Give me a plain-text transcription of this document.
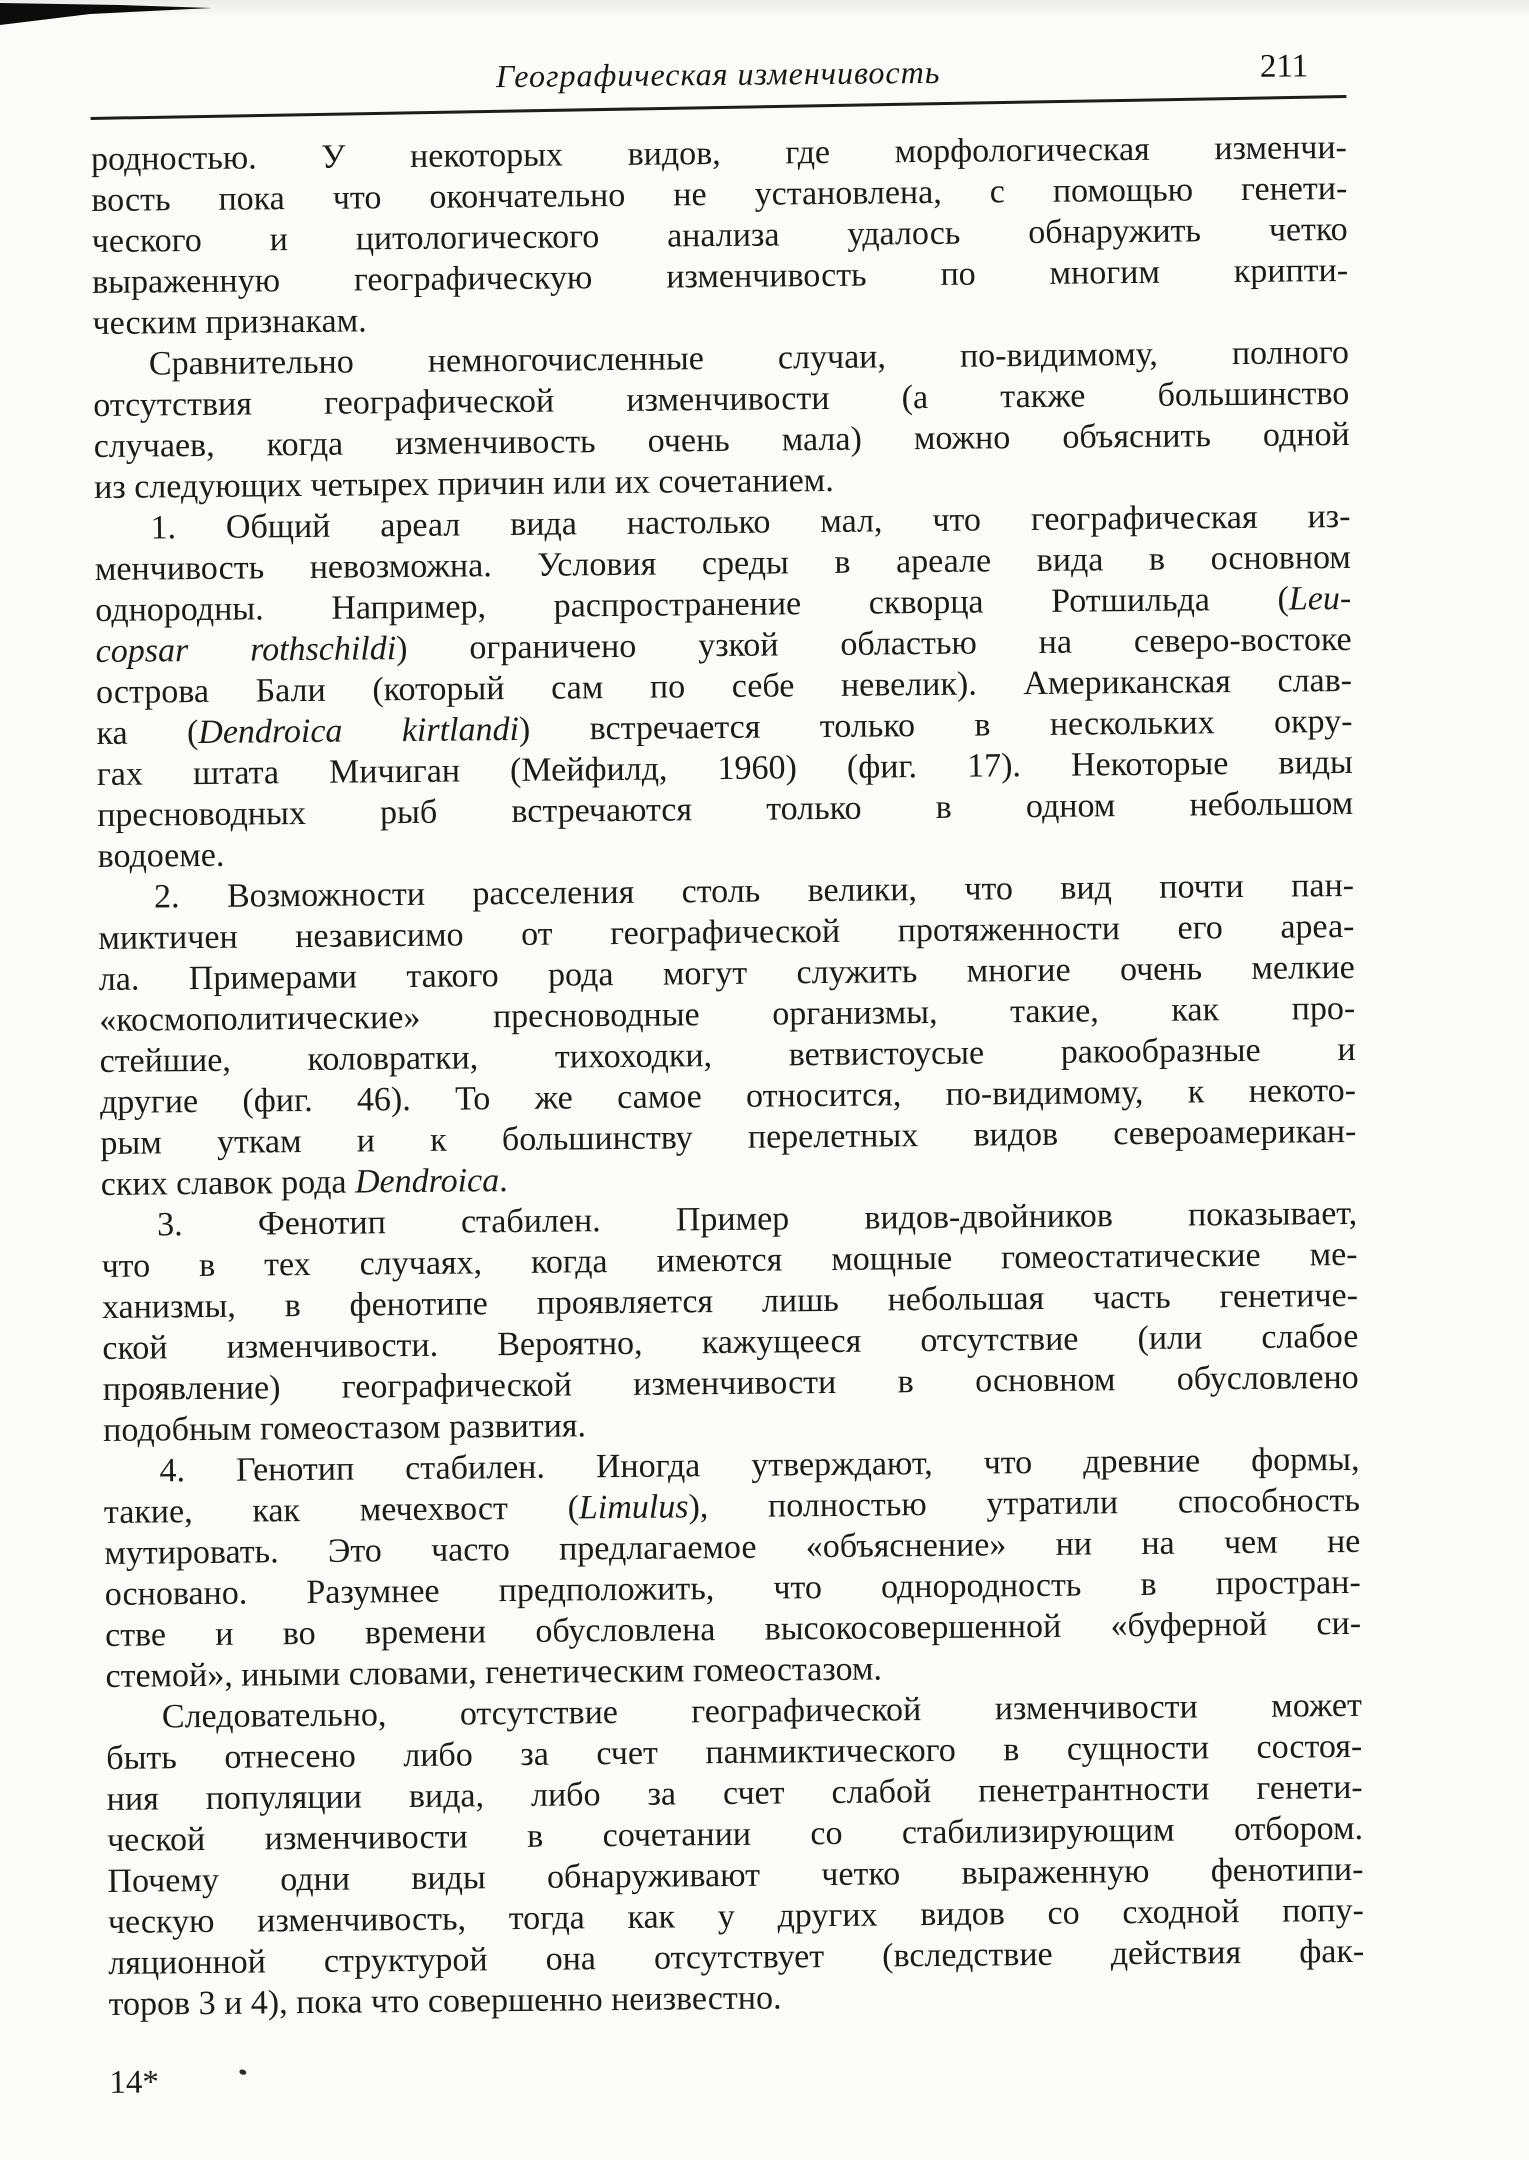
Географическая изменчивость	211
родностью. У некоторых видов, где морфологическая изменчи-
вость пока что окончательно не установлена, с помощью генети-
ческого и цитологического анализа удалось обнаружить четко
выраженную географическую изменчивость по многим крипти-
ческим признакам.
Сравнительно немногочисленные случаи, по-видимому, полного
отсутствия географической изменчивости (а также большинство
случаев, когда изменчивость очень мала) можно объяснить одной
из следующих четырех причин или их сочетанием.
1. Общий ареал вида настолько мал, что географическая из-
менчивость невозможна. Условия среды в ареале вида в основном
однородны. Например, распространение скворца Ротшильда (Leu-
copsar rothschildi) ограничено узкой областью на северо-востоке
острова Бали (который сам по себе невелик). Американская слав-
ка (Dendroica kirtlandi) встречается только в нескольких окру-
гах штата Мичиган (Мейфилд, 1960) (фиг. 17). Некоторые виды
пресноводных рыб встречаются только в одном небольшом
водоеме.
2. Возможности расселения столь велики, что вид почти пан-
миктичен независимо от географической протяженности его ареа-
ла. Примерами такого рода могут служить многие очень мелкие
«космополитические» пресноводные организмы, такие, как про-
стейшие, коловратки, тихоходки, ветвистоусые ракообразные и
другие (фиг. 46). То же самое относится, по-видимому, к некото-
рым уткам и к большинству перелетных видов североамерикан-
ских славок рода Dendroica.
3. Фенотип стабилен. Пример видов-двойников показывает,
что в тех случаях, когда имеются мощные гомеостатические ме-
ханизмы, в фенотипе проявляется лишь небольшая часть генетиче-
ской изменчивости. Вероятно, кажущееся отсутствие (или слабое
проявление) географической изменчивости в основном обусловлено
подобным гомеостазом развития.
4. Генотип стабилен. Иногда утверждают, что древние формы,
такие, как мечехвост (Limulus), полностью утратили способность
мутировать. Это часто предлагаемое «объяснение» ни на чем не
основано. Разумнее предположить, что однородность в простран-
стве и во времени обусловлена высокосовершенной «буферной си-
стемой», иными словами, генетическим гомеостазом.
Следовательно, отсутствие географической изменчивости может
быть отнесено либо за счет панмиктического в сущности состоя-
ния популяции вида, либо за счет слабой пенетрантности генети-
ческой изменчивости в сочетании со стабилизирующим отбором.
Почему одни виды обнаруживают четко выраженную фенотипи-
ческую изменчивость, тогда как у других видов со сходной попу-
ляционной структурой она отсутствует (вследствие действия фак-
торов 3 и 4), пока что совершенно неизвестно.
14*
